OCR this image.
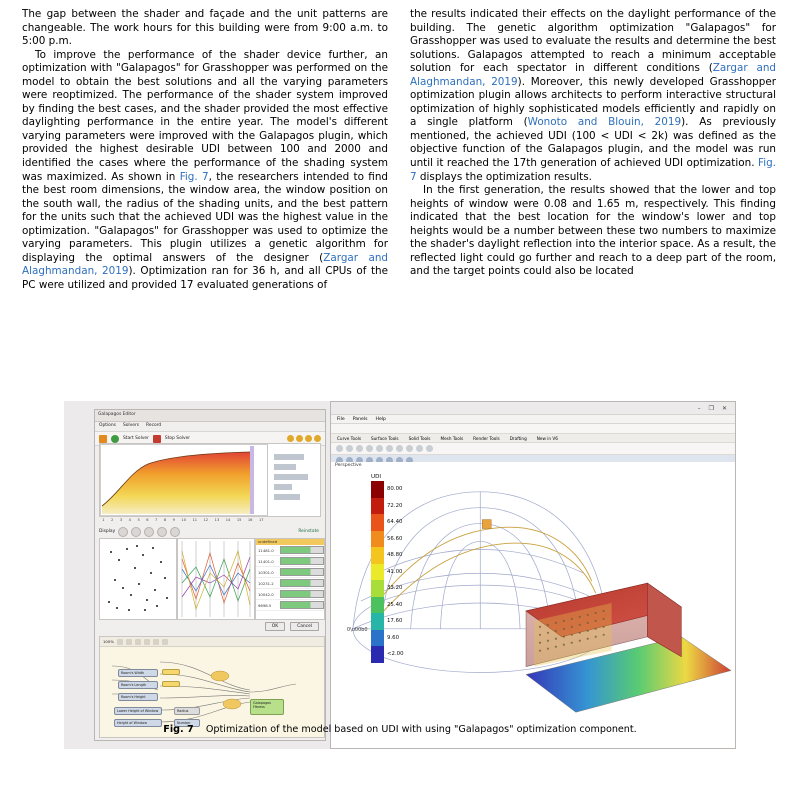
The gap between the shader and façade and the unit patterns are changeable. The work hours for this building were from 9:00 a.m. to 5:00 p.m.

To improve the performance of the shader device further, an optimization with "Galapagos" for Grasshopper was performed on the model to obtain the best solutions and all the varying parameters were reoptimized. The performance of the shader system improved by finding the best cases, and the shader provided the most effective daylighting performance in the entire year. The model's different varying parameters were improved with the Galapagos plugin, which provided the highest desirable UDI between 100 and 2000 and identified the cases where the performance of the shading system was maximized. As shown in Fig. 7, the researchers intended to find the best room dimensions, the window area, the window position on the south wall, the radius of the shading units, and the best pattern for the units such that the achieved UDI was the highest value in the optimization. "Galapagos" for Grasshopper was used to optimize the varying parameters. This plugin utilizes a genetic algorithm for displaying the optimal answers of the designer (Zargar and Alaghmandan, 2019). Optimization ran for 36 h, and all CPUs of the PC were utilized and provided 17 evaluated generations of

the results indicated their effects on the daylight performance of the building. The genetic algorithm optimization "Galapagos" for Grasshopper was used to evaluate the results and determine the best solutions. Galapagos attempted to reach a minimum acceptable solution for each spectator in different conditions (Zargar and Alaghmandan, 2019). Moreover, this newly developed Grasshopper optimization plugin allows architects to perform interactive structural optimization of highly sophisticated models efficiently and rapidly on a single platform (Wonoto and Blouin, 2019). As previously mentioned, the achieved UDI (100 < UDI < 2k) was defined as the objective function of the Galapagos plugin, and the model was run until it reached the 17th generation of achieved UDI optimization. Fig. 7 displays the optimization results.

In the first generation, the results showed that the lower and top heights of window were 0.08 and 1.65 m, respectively. This finding indicated that the best location for the window's lower and top heights would be a number between these two numbers to maximize the shader's daylight reflection into the interior space. As a result, the reflected light could go further and reach to a deep part of the room, and the target points could also be located

Galapagos Editor
Options Solvers Record
Start Solver	Stop Solver
1 2 3 4 5 6 7 8 9 10 11 12 13 14 15 16 17
Display	Reinstate
undefined
11481.0
11401.0
10301.0
10231.2
10042.0
9698.5
OK	Cancel
100%
Room's Width
Room's Length
Room's Height
Lower Height of Window
Height of Window
Radius
Number
Galapagos
Fitness
– ❐ ✕
File Panels Help
Curve Tools Surface Tools Solid Tools Mesh Tools Render Tools Drafting New in V6
Perspective
0\u00b0
UDI
80.00
72.20
64.40
56.60
48.80
41.00
33.20
25.40
17.60
9.60
<2.00
Fig. 7 Optimization of the model based on UDI with using "Galapagos" optimization component.
